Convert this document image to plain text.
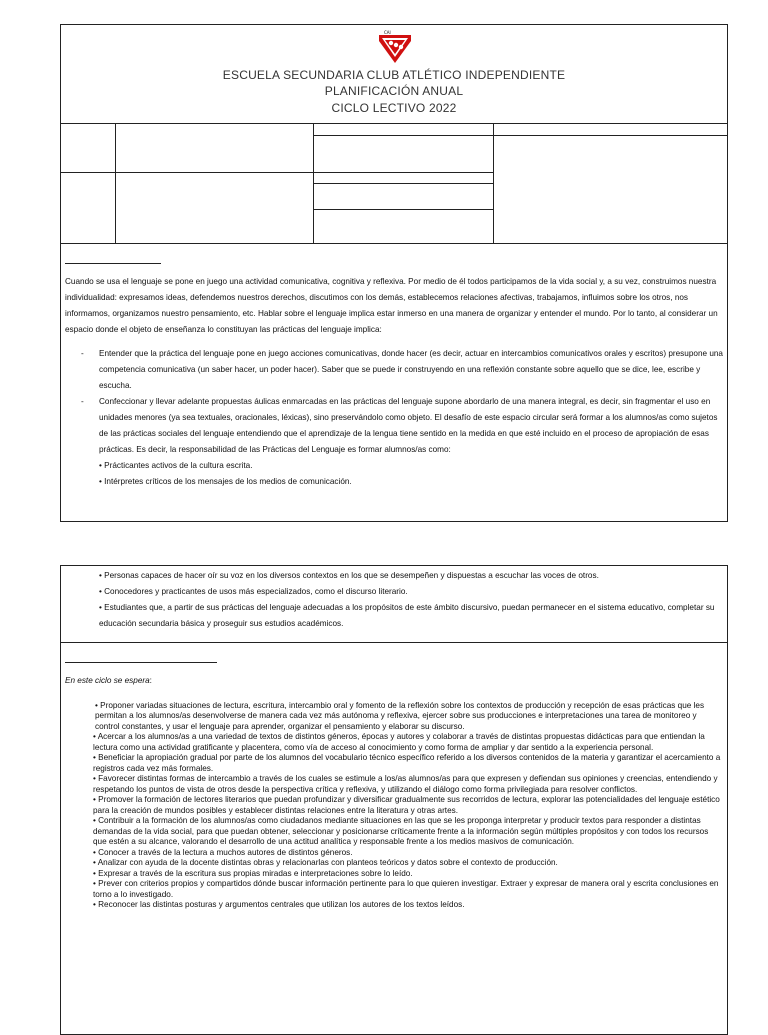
CAI
ESCUELA SECUNDARIA CLUB ATLÉTICO INDEPENDIENTE
PLANIFICACIÓN ANUAL
CICLO LECTIVO 2022

Cuando se usa el lenguaje se pone en juego una actividad comunicativa, cognitiva y reflexiva. Por medio de él todos participamos de la vida social y, a su vez, construimos nuestra individualidad: expresamos ideas, defendemos nuestros derechos, discutimos con los demás, establecemos relaciones afectivas, trabajamos, influimos sobre los otros, nos informamos, organizamos nuestro pensamiento, etc. Hablar sobre el lenguaje implica estar inmerso en una manera de organizar y entender el mundo. Por lo tanto, al considerar un espacio donde el objeto de enseñanza lo constituyan las prácticas del lenguaje implica:

- Entender que la práctica del lenguaje pone en juego acciones comunicativas, donde hacer (es decir, actuar en intercambios comunicativos orales y escritos) presupone una competencia comunicativa (un saber hacer, un poder hacer). Saber que se puede ir construyendo en una reflexión constante sobre aquello que se dice, lee, escribe y escucha.
- Confeccionar y llevar adelante propuestas áulicas enmarcadas en las prácticas del lenguaje supone abordarlo de una manera integral, es decir, sin fragmentar el uso en unidades menores (ya sea textuales, oracionales, léxicas), sino preservándolo como objeto. El desafío de este espacio circular será formar a los alumnos/as como sujetos de las prácticas sociales del lenguaje entendiendo que el aprendizaje de la lengua tiene sentido en la medida en que esté incluido en el proceso de apropiación de esas prácticas. Es decir, la responsabilidad de las Prácticas del Lenguaje es formar alumnos/as como:
• Prácticantes activos de la cultura escrita.
• Intérpretes críticos de los mensajes de los medios de comunicación.
• Personas capaces de hacer oír su voz en los diversos contextos en los que se desempeñen y dispuestas a escuchar las voces de otros.
• Conocedores y practicantes de usos más especializados, como el discurso literario.
• Estudiantes que, a partir de sus prácticas del lenguaje adecuadas a los propósitos de este ámbito discursivo, puedan permanecer en el sistema educativo, completar su educación secundaria básica y proseguir sus estudios académicos.

En este ciclo se espera:

• Proponer variadas situaciones de lectura, escritura, intercambio oral y fomento de la reflexión sobre los contextos de producción y recepción de esas prácticas que les permitan a los alumnos/as desenvolverse de manera cada vez más autónoma y reflexiva, ejercer sobre sus producciones e interpretaciones una tarea de monitoreo y control constantes, y usar el lenguaje para aprender, organizar el pensamiento y elaborar su discurso.
• Acercar a los alumnos/as a una variedad de textos de distintos géneros, épocas y autores y colaborar a través de distintas propuestas didácticas para que entiendan la lectura como una actividad gratificante y placentera, como vía de acceso al conocimiento y como forma de ampliar y dar sentido a la experiencia personal.
• Beneficiar la apropiación gradual por parte de los alumnos del vocabulario técnico específico referido a los diversos contenidos de la materia y garantizar el acercamiento a registros cada vez más formales.
• Favorecer distintas formas de intercambio a través de los cuales se estimule a los/as alumnos/as para que expresen y defiendan sus opiniones y creencias, entendiendo y respetando los puntos de vista de otros desde la perspectiva crítica y reflexiva, y utilizando el diálogo como forma privilegiada para resolver conflictos.
• Promover la formación de lectores literarios que puedan profundizar y diversificar gradualmente sus recorridos de lectura, explorar las potencialidades del lenguaje estético para la creación de mundos posibles y establecer distintas relaciones entre la literatura y otras artes.
• Contribuir a la formación de los alumnos/as como ciudadanos mediante situaciones en las que se les proponga interpretar y producir textos para responder a distintas demandas de la vida social, para que puedan obtener, seleccionar y posicionarse críticamente frente a la información según múltiples propósitos y con todos los recursos que estén a su alcance, valorando el desarrollo de una actitud analítica y responsable frente a los medios masivos de comunicación.
• Conocer a través de la lectura a muchos autores de distintos géneros.
• Analizar con ayuda de la docente distintas obras y relacionarlas con planteos teóricos y datos sobre el contexto de producción.
• Expresar a través de la escritura sus propias miradas e interpretaciones sobre lo leído.
• Prever con criterios propios y compartidos dónde buscar información pertinente para lo que quieren investigar. Extraer y expresar de manera oral y escrita conclusiones en torno a lo investigado.
• Reconocer las distintas posturas y argumentos centrales que utilizan los autores de los textos leídos.
